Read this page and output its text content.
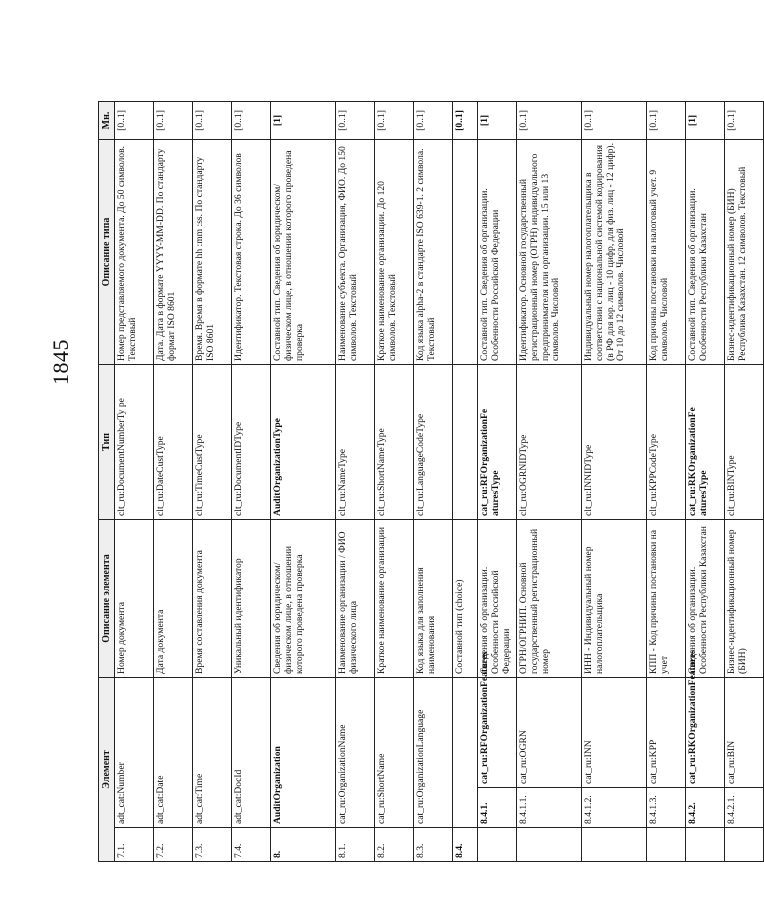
1845
Элемент			Описание элемента	Тип	Описание типа	Мн.
7.1.	adt_cat:Number		Номер документа	clt_ru:DocumentNumberTy pe	Номер представляемого документа. До 50 символов. Текстовый	[0..1]
7.2.	adt_cat:Date		Дата документа	clt_ru:DateCustType	Дата. Дата в формате YYYY-MM-DD. По стандарту формат ISO 8601	[0..1]
7.3.	adt_cat:Time		Время составления документа	clt_ru:TimeCustType	Время. Время в формате hh :mm :ss. По стандарту ISO 8601	[0..1]
7.4.	adt_cat:DocId		Уникальный идентификатор	clt_ru:DocumentIDType	Идентификатор. Текстовая строка. До 36 символов	[0..1]
8.	AuditOrganization		Сведения об юридическом/физическом лице, в отношении которого проведена проверка	AuditOrganizationType	Составной тип. Сведения об юридическом/физическом лице, в отношении которого проведена проверка	[1]
8.1.	cat_ru:OrganizationName		Наименование организации / ФИО физического лица	clt_ru:NameType	Наименование субъекта. Организация, ФИО. До 150 символов. Текстовый	[0..1]
8.2.	cat_ru:ShortName		Краткое наименование организации	clt_ru:ShortNameType	Краткое наименование организации. До 120 символов. Текстовый	[0..1]
8.3.	cat_ru:OrganizationLanguage		Код языка для заполнения наименования	clt_ru:LanguageCodeType	Код языка alpha-2 в стандарте ISO 639-1. 2 символа. Текстовый	[0..1]
8.4.			Составной тип (choice)			[0..1]
	8.4.1.	cat_ru:RFOrganizationFeatures	Сведения об организации. Особенности Российской Федерации	cat_ru:RFOrganizationFe aturesType	Составной тип. Сведения об организации. Особенности Российской Федерации	[1]
	8.4.1.1.	cat_ru:OGRN	ОГРН/ОГРНИП. Основной государственный регистрационный номер	clt_ru:OGRNIDType	Идентификатор. Основной государственный регистрационный номер (ОГРН) индивидуального предпринимателя или организации. 15 или 13 символов. Числовой	[0..1]
	8.4.1.2.	cat_ru:INN	ИНН - Индивидуальный номер налогоплательщика	clt_ru:INNIDType	Индивидуальный номер налогоплательщика в соответствии с национальной системой кодирования (в РФ для юр. лиц - 10 цифр, для физ. лиц - 12 цифр). От 10 до 12 символов. Числовой	[0..1]
	8.4.1.3.	cat_ru:KPP	КПП - Код причины постановки на учет	clt_ru:KPPCodeType	Код причины постановки на налоговый учет. 9 символов. Числовой	[0..1]
	8.4.2.	cat_ru:RKOrganizationFeatures	Сведения об организации. Особенности Республики Казахстан	cat_ru:RKOrganizationFe aturesType	Составной тип. Сведения об организации. Особенности Республики Казахстан	[1]
	8.4.2.1.	cat_ru:BIN	Бизнес-идентификационный номер (БИН)	clt_ru:BINType	Бизнес-идентификационный номер (БИН) Республика Казахстан. 12 символов. Текстовый	[0..1]
